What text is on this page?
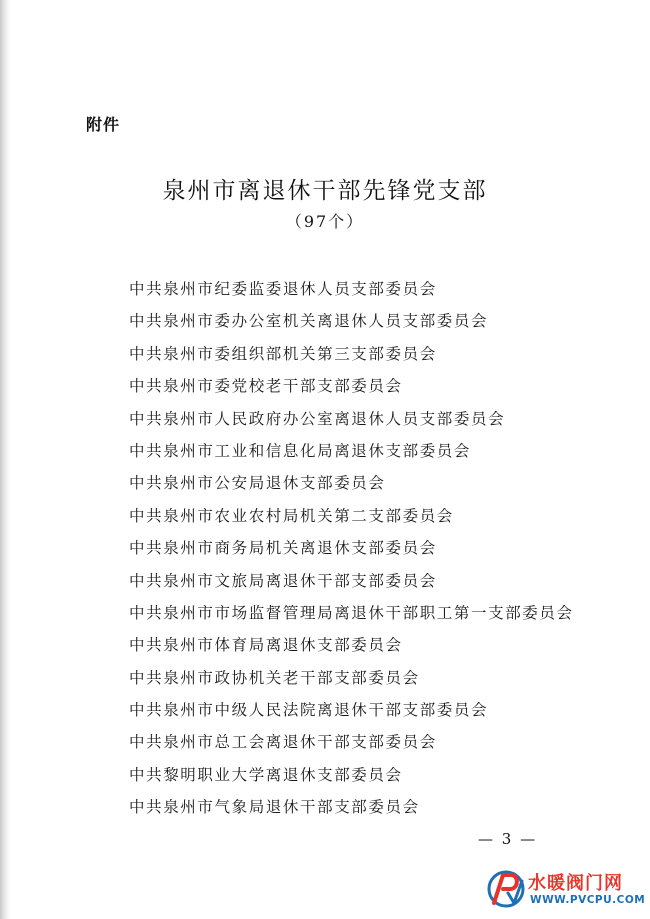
附件
泉州市离退休干部先锋党支部
（97个）
中共泉州市纪委监委退休人员支部委员会
中共泉州市委办公室机关离退休人员支部委员会
中共泉州市委组织部机关第三支部委员会
中共泉州市委党校老干部支部委员会
中共泉州市人民政府办公室离退休人员支部委员会
中共泉州市工业和信息化局离退休支部委员会
中共泉州市公安局退休支部委员会
中共泉州市农业农村局机关第二支部委员会
中共泉州市商务局机关离退休支部委员会
中共泉州市文旅局离退休干部支部委员会
中共泉州市市场监督管理局离退休干部职工第一支部委员会
中共泉州市体育局离退休支部委员会
中共泉州市政协机关老干部支部委员会
中共泉州市中级人民法院离退休干部支部委员会
中共泉州市总工会离退休干部支部委员会
中共黎明职业大学离退休支部委员会
中共泉州市气象局退休干部支部委员会
— 3 —
水暖阀门网
WWW.PVCPU.COM
